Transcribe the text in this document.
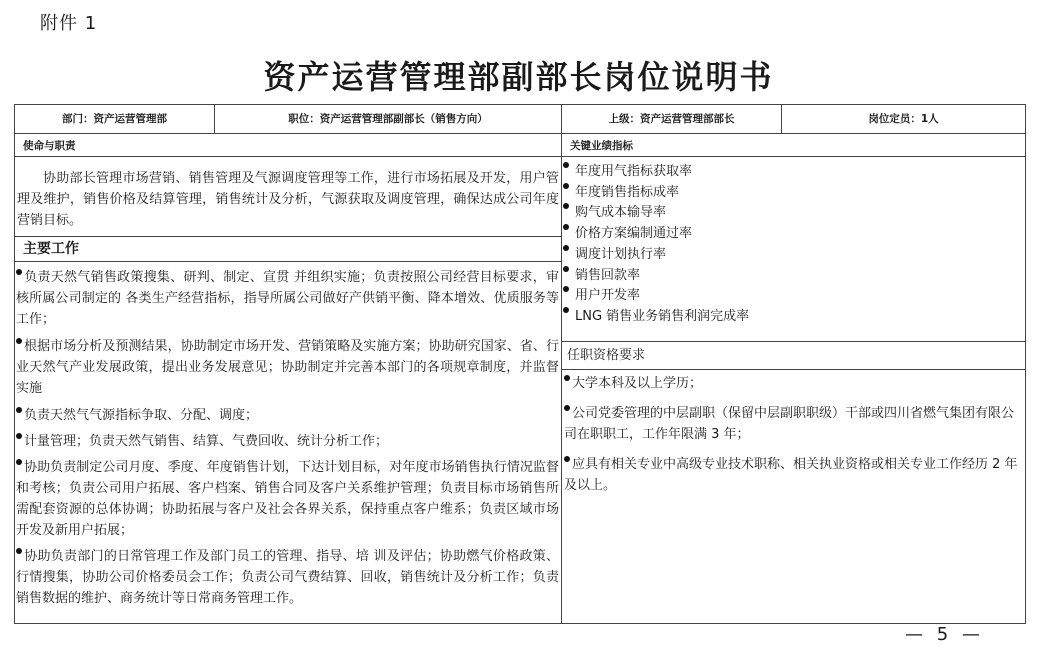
附件 1
资产运营管理部副部长岗位说明书
部门：资产运营管理部	职位：资产运营管理部副部长（销售方向）	上级：资产运营管理部部长	岗位定员：1人
使命与职责
协助部长管理市场营销、销售管理及气源调度管理等工作，进行市场拓展及开发，用户管理及维护，销售价格及结算管理，销售统计及分析，气源获取及调度管理，确保达成公司年度营销目标。
主要工作
负责天然气销售政策搜集、研判、制定、宣贯 并组织实施；负责按照公司经营目标要求，审核所属公司制定的 各类生产经营指标，指导所属公司做好产供销平衡、降本增效、优质服务等工作；
根据市场分析及预测结果，协助制定市场开发、营销策略及实施方案；协助研究国家、省、行业天然气产业发展政策，提出业务发展意见；协助制定并完善本部门的各项规章制度，并监督实施
负责天然气气源指标争取、分配、调度；
计量管理；负责天然气销售、结算、气费回收、统计分析工作；
协助负责制定公司月度、季度、年度销售计划，下达计划目标，对年度市场销售执行情况监督和考核；负责公司用户拓展、客户档案、销售合同及客户关系维护管理；负责目标市场销售所需配套资源的总体协调；协助拓展与客户及社会各界关系，保持重点客户维系；负责区域市场开发及新用户拓展；
协助负责部门的日常管理工作及部门员工的管理、指导、培 训及评估；协助燃气价格政策、行情搜集，协助公司价格委员会工作；负责公司气费结算、回收，销售统计及分析工作；负责销售数据的维护、商务统计等日常商务管理工作。
关键业绩指标
年度用气指标获取率
年度销售指标成率
购气成本输导率
价格方案编制通过率
调度计划执行率
销售回款率
用户开发率
LNG 销售业务销售利润完成率
任职资格要求
大学本科及以上学历；
公司党委管理的中层副职（保留中层副职职级）干部或四川省燃气集团有限公司在职职工，工作年限满 3 年；
应具有相关专业中高级专业技术职称、相关执业资格或相关专业工作经历 2 年及以上。
— 5 —
